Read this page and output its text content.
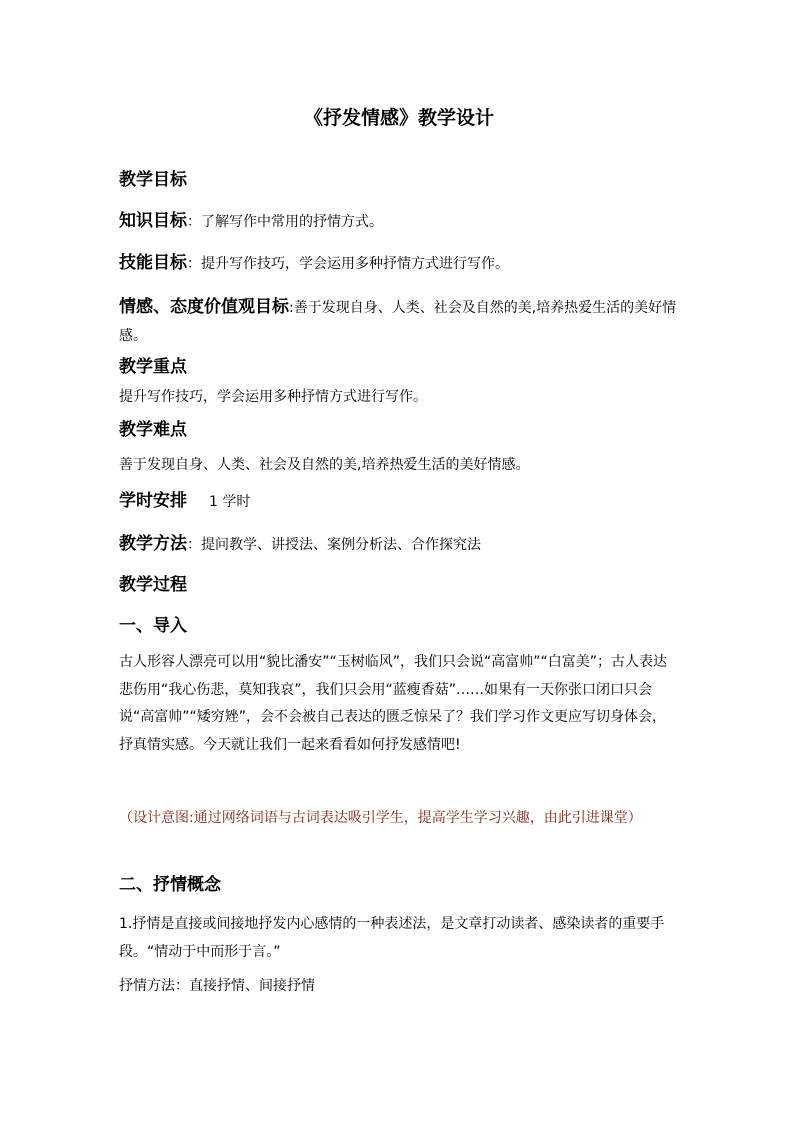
《抒发情感》教学设计
教学目标
知识目标：了解写作中常用的抒情方式。
技能目标：提升写作技巧，学会运用多种抒情方式进行写作。
情感、态度价值观目标:善于发现自身、人类、社会及自然的美,培养热爱生活的美好情感。
教学重点
提升写作技巧，学会运用多种抒情方式进行写作。
教学难点
善于发现自身、人类、社会及自然的美,培养热爱生活的美好情感。
学时安排 1 学时
教学方法：提问教学、讲授法、案例分析法、合作探究法
教学过程
一、导入
古人形容人漂亮可以用“貌比潘安”“玉树临风”，我们只会说“高富帅”“白富美”；古人表达悲伤用“我心伤悲，莫知我哀”，我们只会用“蓝瘦香菇”……如果有一天你张口闭口只会说“高富帅”“矮穷矬”，会不会被自己表达的匮乏惊呆了？我们学习作文更应写切身体会，抒真情实感。今天就让我们一起来看看如何抒发感情吧!
（设计意图:通过网络词语与古词表达吸引学生，提高学生学习兴趣，由此引进课堂）
二、抒情概念
1.抒情是直接或间接地抒发内心感情的一种表述法，是文章打动读者、感染读者的重要手段。“情动于中而形于言。”
抒情方法：直接抒情、间接抒情
